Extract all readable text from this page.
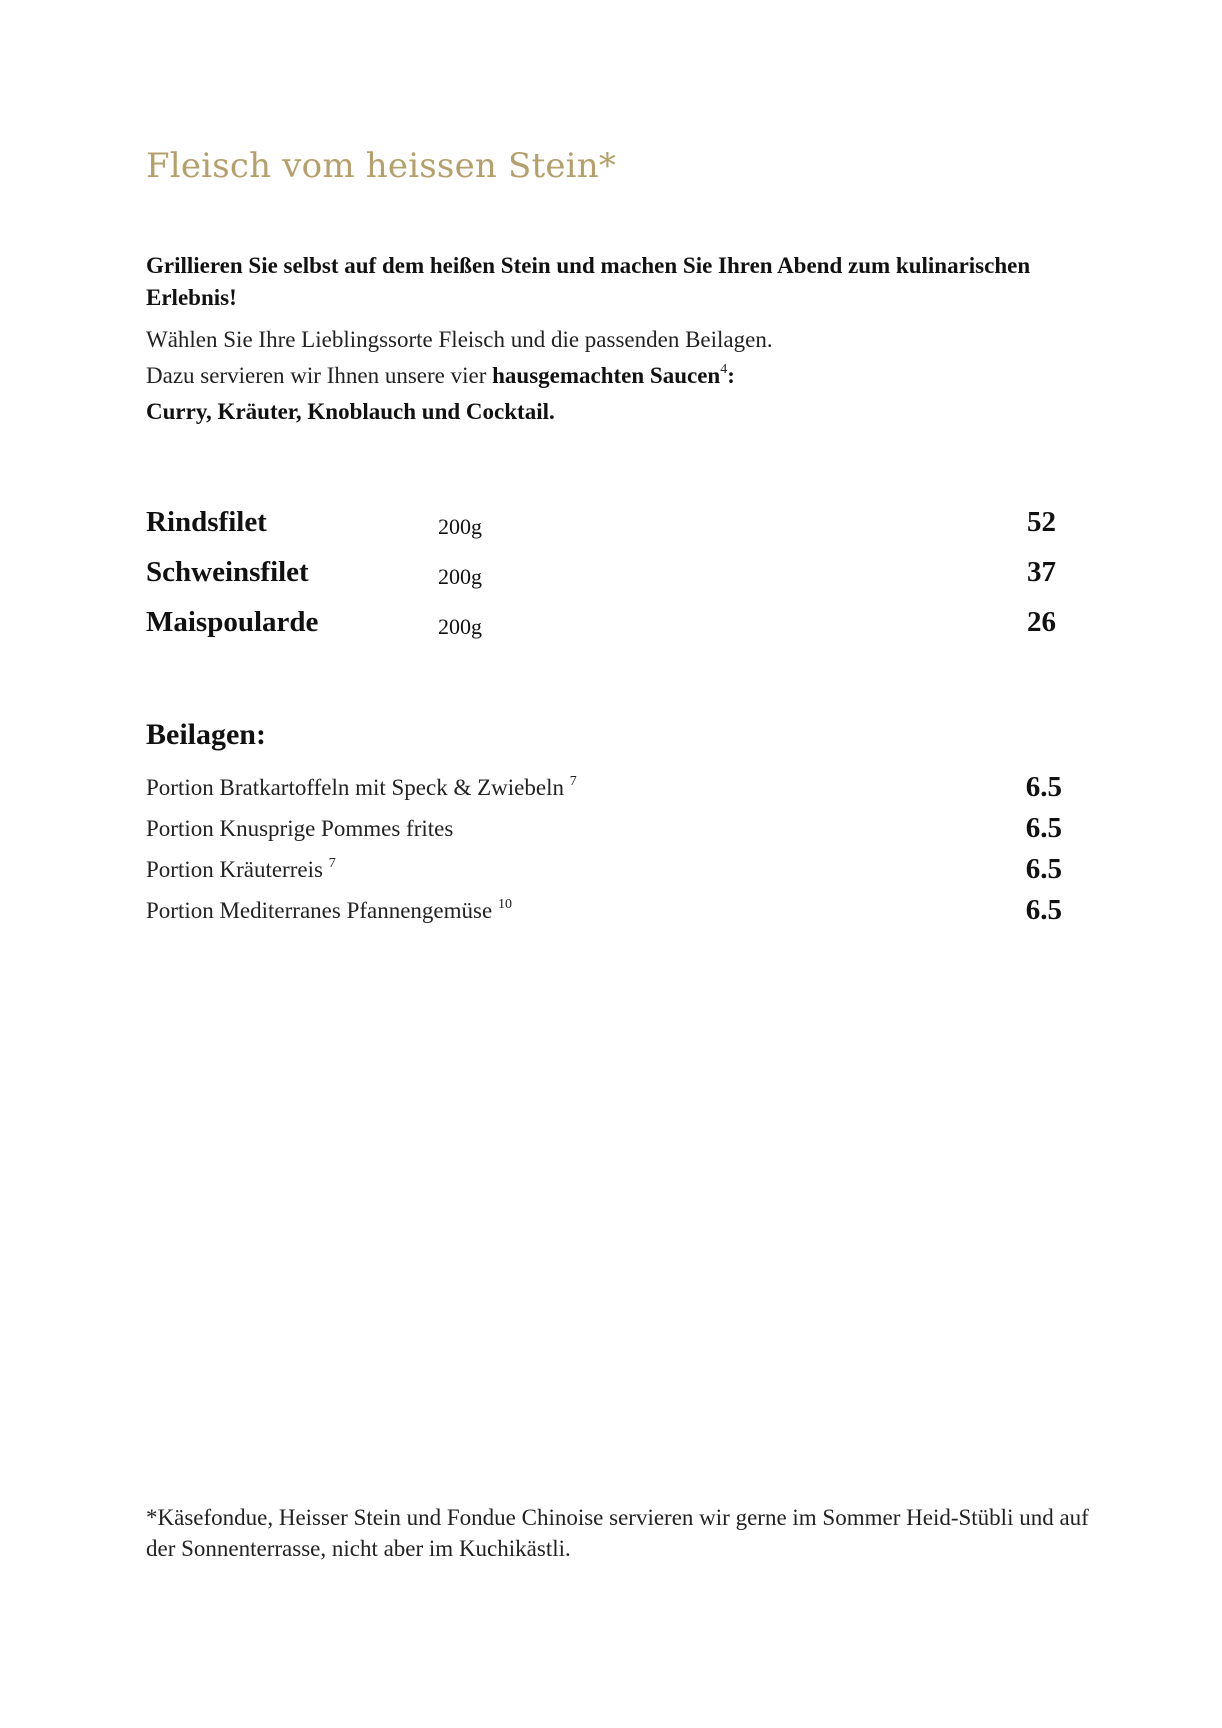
Fleisch vom heissen Stein*
Grillieren Sie selbst auf dem heißen Stein und machen Sie Ihren Abend zum kulinarischen Erlebnis!
Wählen Sie Ihre Lieblingssorte Fleisch und die passenden Beilagen.
Dazu servieren wir Ihnen unsere vier hausgemachten Saucen$^4$:
Curry, Kräuter, Knoblauch und Cocktail.
Rindsfilet	200g	52
Schweinsfilet	200g	37
Maispoularde	200g	26
Beilagen:
Portion Bratkartoffeln mit Speck & Zwiebeln $^7$	6.5
Portion Knusprige Pommes frites	6.5
Portion Kräuterreis $^7$	6.5
Portion Mediterranes Pfannengemüse $^{10}$	6.5
*Käsefondue, Heisser Stein und Fondue Chinoise servieren wir gerne im Sommer Heid-Stübli und auf der Sonnenterrasse, nicht aber im Kuchikästli.
